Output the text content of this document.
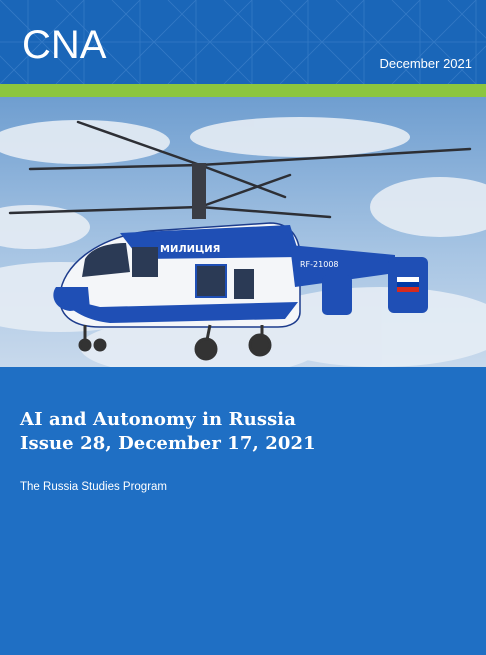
CNA	December 2021
МИЛИЦИЯ
RF-21008
AI and Autonomy in Russia
Issue 28, December 17, 2021
The Russia Studies Program
